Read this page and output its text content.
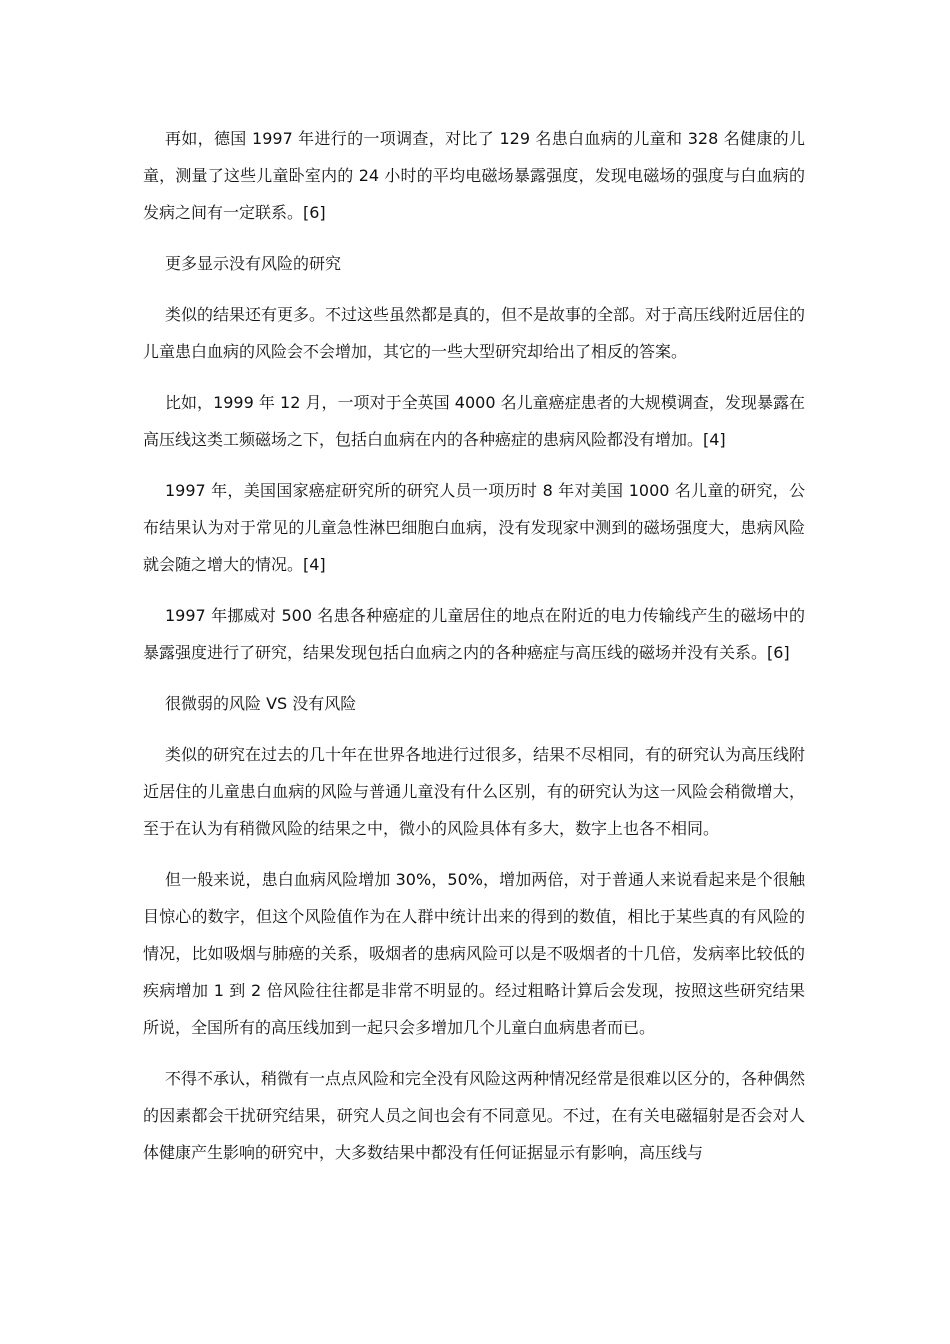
再如，德国 1997 年进行的一项调查，对比了 129 名患白血病的儿童和 328 名健康的儿童，测量了这些儿童卧室内的 24 小时的平均电磁场暴露强度，发现电磁场的强度与白血病的发病之间有一定联系。[6]

更多显示没有风险的研究

类似的结果还有更多。不过这些虽然都是真的，但不是故事的全部。对于高压线附近居住的儿童患白血病的风险会不会增加，其它的一些大型研究却给出了相反的答案。

比如，1999 年 12 月，一项对于全英国 4000 名儿童癌症患者的大规模调查，发现暴露在高压线这类工频磁场之下，包括白血病在内的各种癌症的患病风险都没有增加。[4]

1997 年，美国国家癌症研究所的研究人员一项历时 8 年对美国 1000 名儿童的研究，公布结果认为对于常见的儿童急性淋巴细胞白血病，没有发现家中测到的磁场强度大，患病风险就会随之增大的情况。[4]

1997 年挪威对 500 名患各种癌症的儿童居住的地点在附近的电力传输线产生的磁场中的暴露强度进行了研究，结果发现包括白血病之内的各种癌症与高压线的磁场并没有关系。[6]

很微弱的风险 VS 没有风险

类似的研究在过去的几十年在世界各地进行过很多，结果不尽相同，有的研究认为高压线附近居住的儿童患白血病的风险与普通儿童没有什么区别，有的研究认为这一风险会稍微增大，至于在认为有稍微风险的结果之中，微小的风险具体有多大，数字上也各不相同。

但一般来说，患白血病风险增加 30%，50%，增加两倍，对于普通人来说看起来是个很触目惊心的数字，但这个风险值作为在人群中统计出来的得到的数值，相比于某些真的有风险的情况，比如吸烟与肺癌的关系，吸烟者的患病风险可以是不吸烟者的十几倍，发病率比较低的疾病增加 1 到 2 倍风险往往都是非常不明显的。经过粗略计算后会发现，按照这些研究结果所说，全国所有的高压线加到一起只会多增加几个儿童白血病患者而已。

不得不承认，稍微有一点点风险和完全没有风险这两种情况经常是很难以区分的，各种偶然的因素都会干扰研究结果，研究人员之间也会有不同意见。不过，在有关电磁辐射是否会对人体健康产生影响的研究中，大多数结果中都没有任何证据显示有影响，高压线与
